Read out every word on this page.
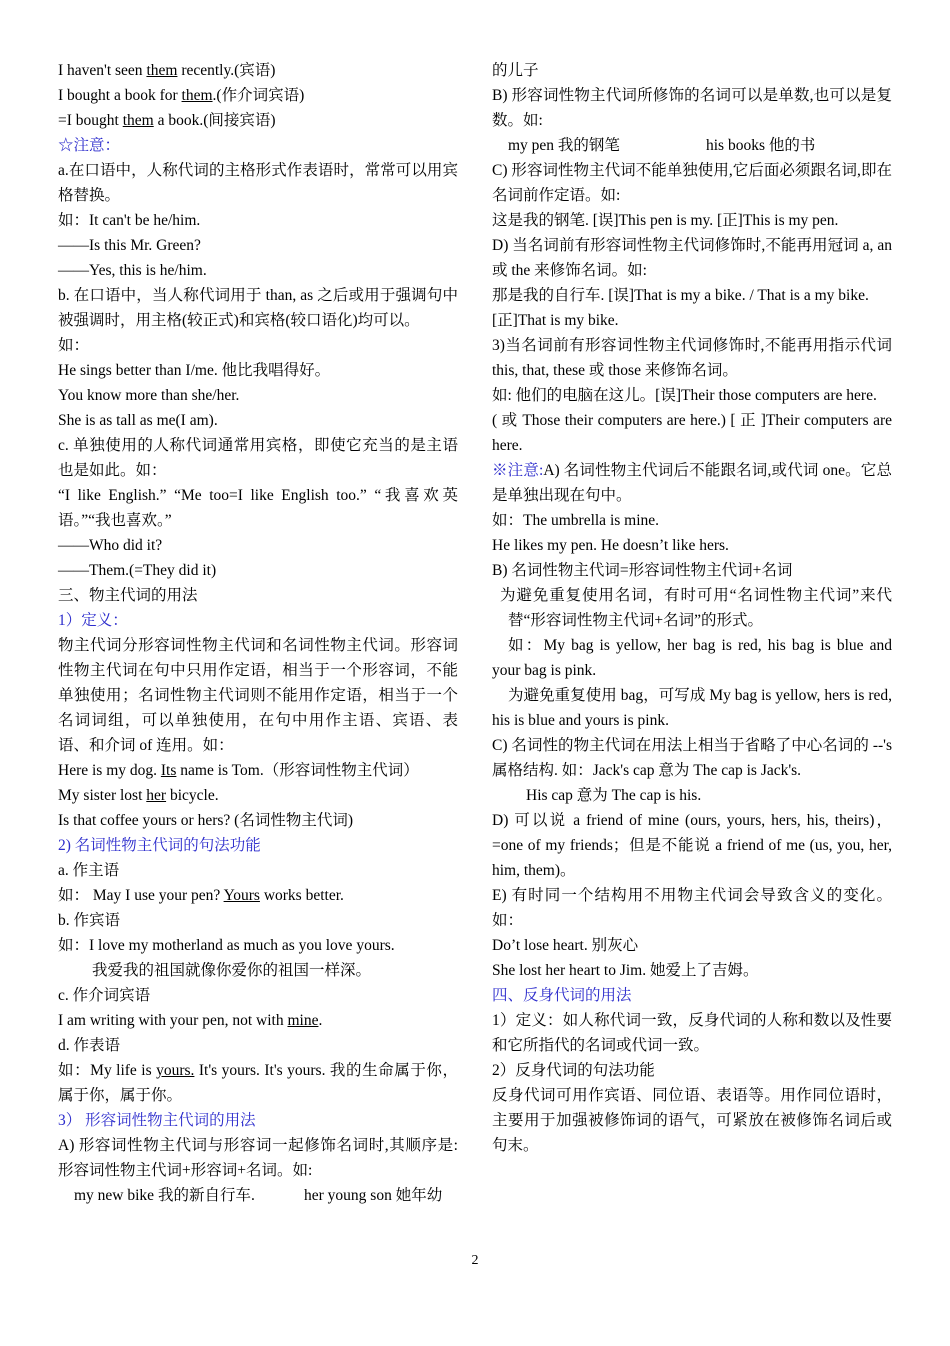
I haven't seen them recently.(宾语)
I bought a book for them.(作介词宾语)
=I bought them a book.(间接宾语)
☆注意：
a.在口语中，人称代词的主格形式作表语时，常常可以用宾格替换。
如：It can't be he/him.
——Is this Mr. Green?
——Yes, this is he/him.
b. 在口语中，当人称代词用于 than, as 之后或用于强调句中被强调时，用主格(较正式)和宾格(较口语化)均可以。
如：
He sings better than I/me. 他比我唱得好。
You know more than she/her.
She is as tall as me(I am).
c. 单独使用的人称代词通常用宾格，即使它充当的是主语也是如此。如：
“I like English.” “Me too=I like English too.” “我喜欢英语。”“我也喜欢。”
——Who did it?
——Them.(=They did it)
三、物主代词的用法
1）定义：
物主代词分形容词性物主代词和名词性物主代词。形容词性物主代词在句中只用作定语，相当于一个形容词，不能单独使用；名词性物主代词则不能用作定语，相当于一个名词词组，可以单独使用，在句中用作主语、宾语、表语、和介词 of 连用。如：
Here is my dog. Its name is Tom.（形容词性物主代词）
My sister lost her bicycle.
Is that coffee yours or hers? (名词性物主代词)
2) 名词性物主代词的句法功能
a. 作主语
如： May I use your pen? Yours works better.
b. 作宾语
如：I love my motherland as much as you love yours.
我爱我的祖国就像你爱你的祖国一样深。
c. 作介词宾语
I am writing with your pen, not with mine.
d. 作表语
如：My life is yours. It's yours. It's yours. 我的生命属于你，属于你，属于你。
3） 形容词性物主代词的用法
A) 形容词性物主代词与形容词一起修饰名词时,其顺序是:形容词性物主代词+形容词+名词。如:
my new bike 我的新自行车.	her young son 她年幼
的儿子
B) 形容词性物主代词所修饰的名词可以是单数,也可以是复数。如:
my pen 我的钢笔	his books 他的书
C) 形容词性物主代词不能单独使用,它后面必须跟名词,即在名词前作定语。如:
这是我的钢笔. [误]This pen is my. [正]This is my pen.
D) 当名词前有形容词性物主代词修饰时,不能再用冠词 a, an 或 the 来修饰名词。如:
那是我的自行车. [误]That is my a bike. / That is a my bike.
[正]That is my bike.
3)当名词前有形容词性物主代词修饰时,不能再用指示代词 this, that, these 或 those 来修饰名词。
如: 他们的电脑在这儿。[误]Their those computers are here.
( 或 Those their computers are here.) [ 正 ]Their computers are here.
※注意:A) 名词性物主代词后不能跟名词,或代词 one。它总是单独出现在句中。
如：The umbrella is mine.
He likes my pen. He doesn’t like hers.
B) 名词性物主代词=形容词性物主代词+名词
为避免重复使用名词，有时可用“名词性物主代词”来代替“形容词性物主代词+名词”的形式。
如：My bag is yellow, her bag is red, his bag is blue and your bag is pink.
为避免重复使用 bag，可写成 My bag is yellow, hers is red, his is blue and yours is pink.
C) 名词性的物主代词在用法上相当于省略了中心名词的 --'s 属格结构. 如：Jack's cap 意为 The cap is Jack's.
His cap 意为 The cap is his.
D) 可以说 a friend of mine (ours, yours, hers, his, theirs)，=one of my friends；但是不能说 a friend of me (us, you, her, him, them)。
E) 有时同一个结构用不用物主代词会导致含义的变化。如：
Do’t lose heart. 别灰心
She lost her heart to Jim. 她爱上了吉姆。
四、反身代词的用法
1）定义：如人称代词一致，反身代词的人称和数以及性要和它所指代的名词或代词一致。
2）反身代词的句法功能
反身代词可用作宾语、同位语、表语等。用作同位语时，主要用于加强被修饰词的语气，可紧放在被修饰名词后或句末。
2
